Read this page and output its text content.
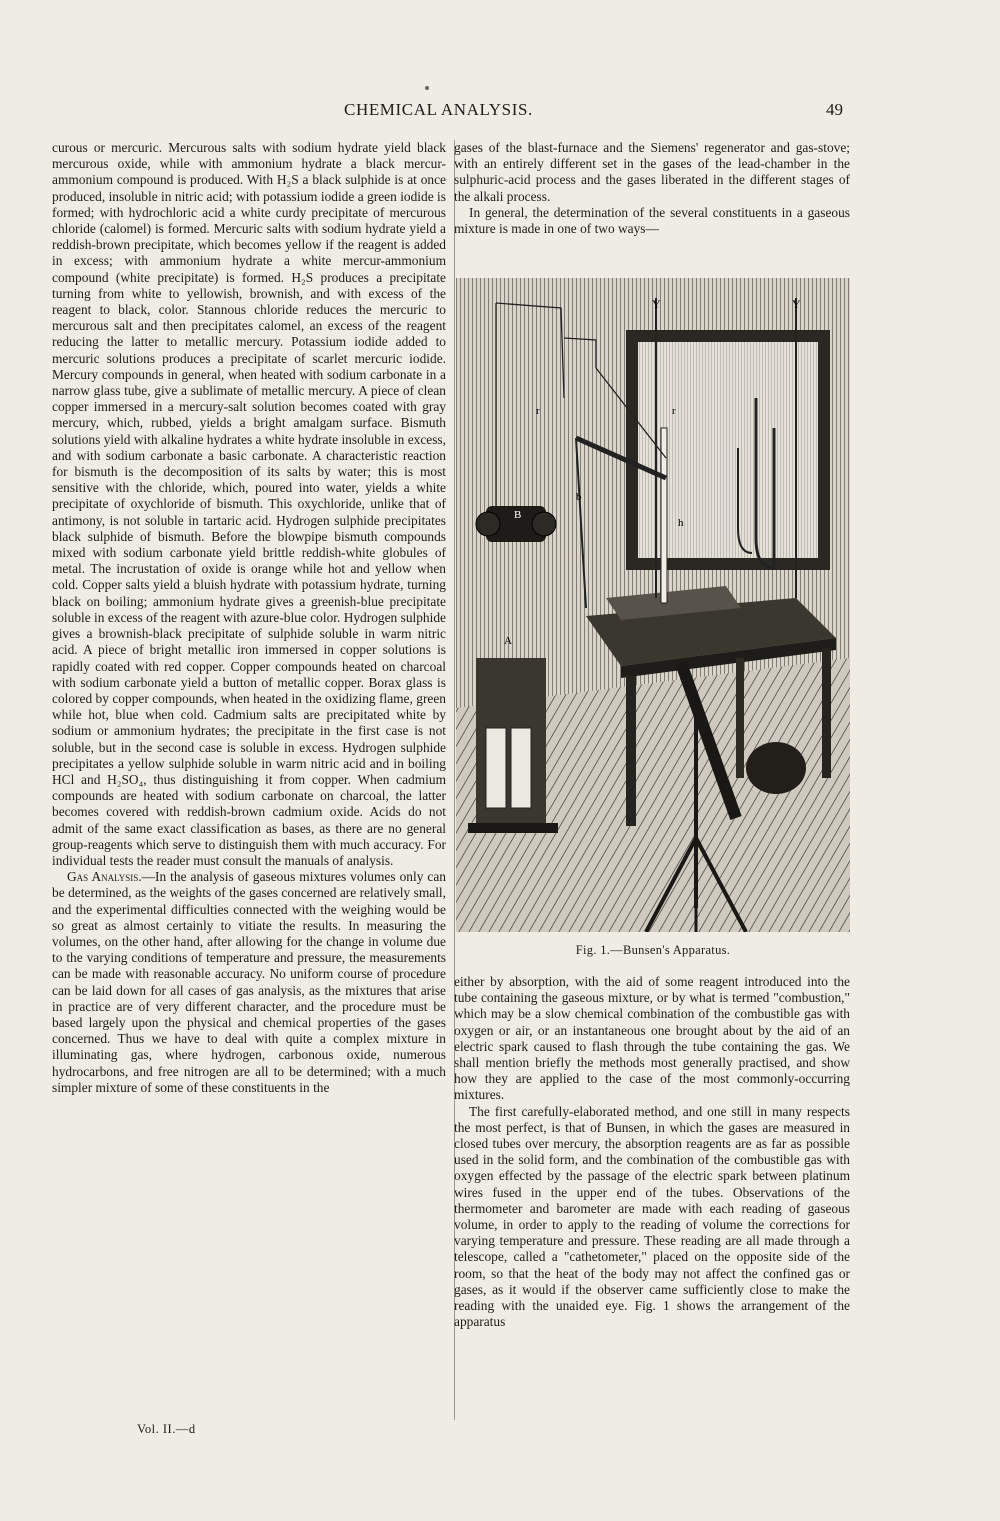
CHEMICAL ANALYSIS.	49

curous or mercuric. Mercurous salts with sodium hydrate yield black mercurous oxide, while with ammonium hydrate a black mercur-ammonium compound is produced. With H₂S a black sulphide is at once produced, insoluble in nitric acid; with potassium iodide a green iodide is formed; with hydrochloric acid a white curdy precipitate of mercurous chloride (calomel) is formed. Mercuric salts with sodium hydrate yield a reddish-brown precipitate, which becomes yellow if the reagent is added in excess; with ammonium hydrate a white mercur-ammonium compound (white precipitate) is formed. H₂S produces a precipitate turning from white to yellowish, brownish, and with excess of the reagent to black, color. Stannous chloride reduces the mercuric to mercurous salt and then precipitates calomel, an excess of the reagent reducing the latter to metallic mercury. Potassium iodide added to mercuric solutions produces a precipitate of scarlet mercuric iodide. Mercury compounds in general, when heated with sodium carbonate in a narrow glass tube, give a sublimate of metallic mercury. A piece of clean copper immersed in a mercury-salt solution becomes coated with gray mercury, which, rubbed, yields a bright amalgam surface. Bismuth solutions yield with alkaline hydrates a white hydrate insoluble in excess, and with sodium carbonate a basic carbonate. A characteristic reaction for bismuth is the decomposition of its salts by water; this is most sensitive with the chloride, which, poured into water, yields a white precipitate of oxychloride of bismuth. This oxychloride, unlike that of antimony, is not soluble in tartaric acid. Hydrogen sulphide precipitates black sulphide of bismuth. Before the blowpipe bismuth compounds mixed with sodium carbonate yield brittle reddish-white globules of metal. The incrustation of oxide is orange while hot and yellow when cold. Copper salts yield a bluish hydrate with potassium hydrate, turning black on boiling; ammonium hydrate gives a greenish-blue precipitate soluble in excess of the reagent with azure-blue color. Hydrogen sulphide gives a brownish-black precipitate of sulphide soluble in warm nitric acid. A piece of bright metallic iron immersed in copper solutions is rapidly coated with red copper. Copper compounds heated on charcoal with sodium carbonate yield a button of metallic copper. Borax glass is colored by copper compounds, when heated in the oxidizing flame, green while hot, blue when cold. Cadmium salts are precipitated white by sodium or ammonium hydrates; the precipitate in the first case is not soluble, but in the second case is soluble in excess. Hydrogen sulphide precipitates a yellow sulphide soluble in warm nitric acid and in boiling HCl and H₂SO₄, thus distinguishing it from copper. When cadmium compounds are heated with sodium carbonate on charcoal, the latter becomes covered with reddish-brown cadmium oxide. Acids do not admit of the same exact classification as bases, as there are no general group-reagents which serve to distinguish them with much accuracy. For individual tests the reader must consult the manuals of analysis.

Gas Analysis.—In the analysis of gaseous mixtures volumes only can be determined, as the weights of the gases concerned are relatively small, and the experimental difficulties connected with the weighing would be so great as almost certainly to vitiate the results. In measuring the volumes, on the other hand, after allowing for the change in volume due to the varying conditions of temperature and pressure, the measurements can be made with reasonable accuracy. No uniform course of procedure can be laid down for all cases of gas analysis, as the mixtures that arise in practice are of very different character, and the procedure must be based largely upon the physical and chemical properties of the gases concerned. Thus we have to deal with quite a complex mixture in illuminating gas, where hydrogen, carbonous oxide, numerous hydrocarbons, and free nitrogen are all to be determined; with a much simpler mixture of some of these constituents in the

gases of the blast-furnace and the Siemens' regenerator and gas-stove; with an entirely different set in the gases of the lead-chamber in the sulphuric-acid process and the gases liberated in the different stages of the alkali process.

In general, the determination of the several constituents in a gaseous mixture is made in one of two ways—

Y	Y
r	r
b
B
h
A
Fig. 1.—Bunsen's Apparatus.

either by absorption, with the aid of some reagent introduced into the tube containing the gaseous mixture, or by what is termed "combustion," which may be a slow chemical combination of the combustible gas with oxygen or air, or an instantaneous one brought about by the aid of an electric spark caused to flash through the tube containing the gas. We shall mention briefly the methods most generally practised, and show how they are applied to the case of the most commonly-occurring mixtures.

The first carefully-elaborated method, and one still in many respects the most perfect, is that of Bunsen, in which the gases are measured in closed tubes over mercury, the absorption reagents are as far as possible used in the solid form, and the combination of the combustible gas with oxygen effected by the passage of the electric spark between platinum wires fused in the upper end of the tubes. Observations of the thermometer and barometer are made with each reading of gaseous volume, in order to apply to the reading of volume the corrections for varying temperature and pressure. These reading are all made through a telescope, called a "cathetometer," placed on the opposite side of the room, so that the heat of the body may not affect the confined gas or gases, as it would if the observer came sufficiently close to make the reading with the unaided eye. Fig. 1 shows the arrangement of the apparatus

Vol. II.—d
